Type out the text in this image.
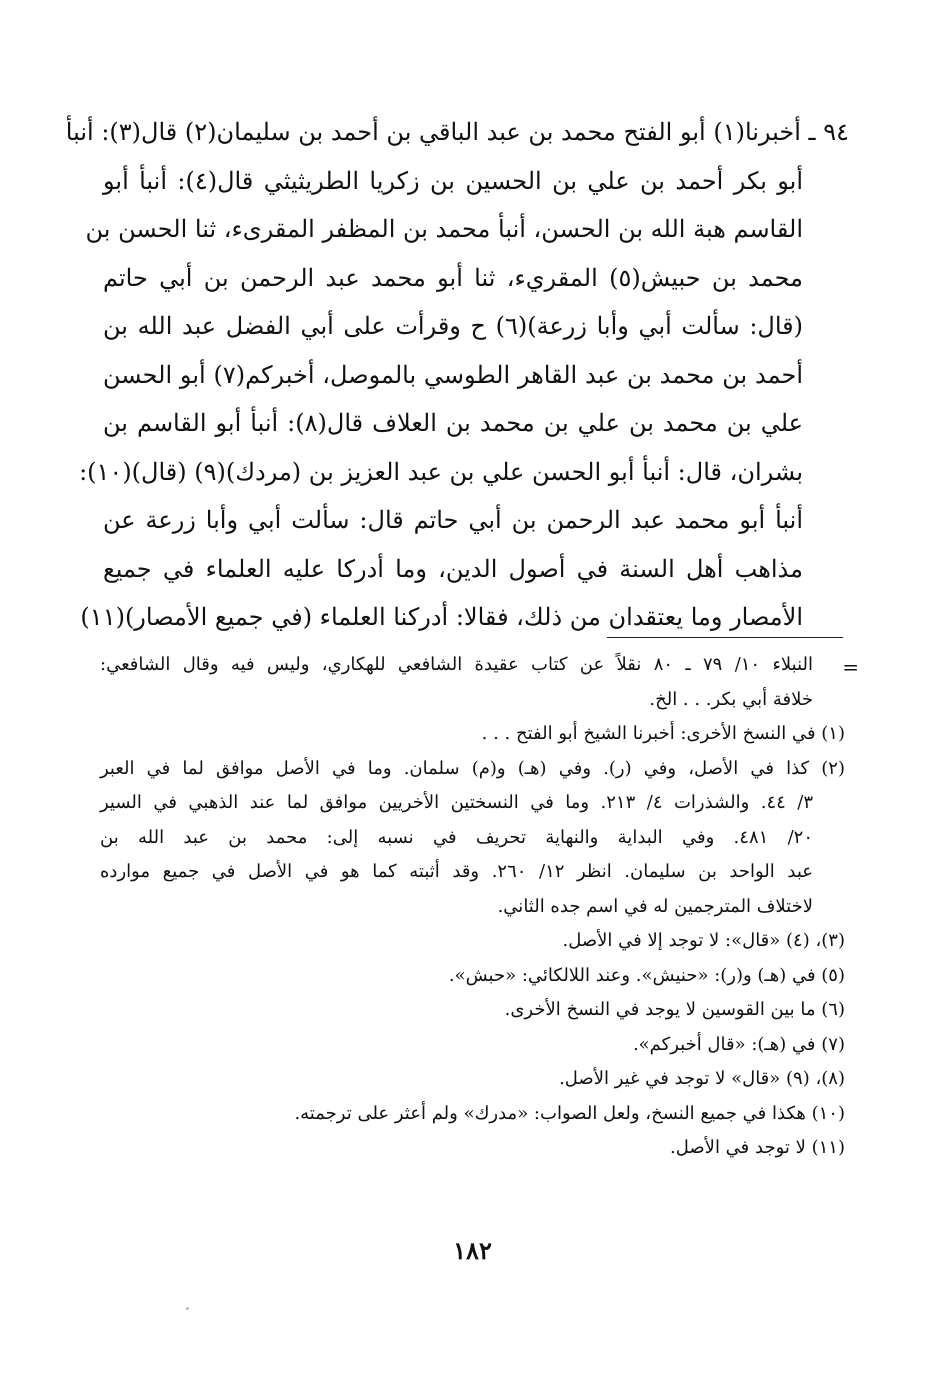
٩٤ ـ أخبرنا(١) أبو الفتح محمد بن عبد الباقي بن أحمد بن سليمان(٢) قال(٣): أنبأ
أبو بكر أحمد بن علي بن الحسين بن زكريا الطريثيثي قال(٤): أنبأ أبو
القاسم هبة الله بن الحسن، أنبأ محمد بن المظفر المقرىء، ثنا الحسن بن
محمد بن حبيش(٥) المقريء، ثنا أبو محمد عبد الرحمن بن أبي حاتم
(قال: سألت أبي وأبا زرعة)(٦) ح وقرأت على أبي الفضل عبد الله بن
أحمد بن محمد بن عبد القاهر الطوسي بالموصل، أخبركم(٧) أبو الحسن
علي بن محمد بن علي بن محمد بن العلاف قال(٨): أنبأ أبو القاسم بن
بشران، قال: أنبأ أبو الحسن علي بن عبد العزيز بن (مردك)(٩) (قال)(١٠):
أنبأ أبو محمد عبد الرحمن بن أبي حاتم قال: سألت أبي وأبا زرعة عن
مذاهب أهل السنة في أصول الدين، وما أدركا عليه العلماء في جميع
الأمصار وما يعتقدان من ذلك، فقالا: أدركنا العلماء (في جميع الأمصار)(١١)
=
النبلاء ١٠/ ٧٩ ـ ٨٠ نقلاً عن كتاب عقيدة الشافعي للهكاري، وليس فيه وقال الشافعي:
خلافة أبي بكر. . . الخ.
(١) في النسخ الأخرى: أخبرنا الشيخ أبو الفتح . . .
(٢) كذا في الأصل، وفي (ر). وفي (هـ) و(م) سلمان. وما في الأصل موافق لما في العبر
٣/ ٤٤. والشذرات ٤/ ٢١٣. وما في النسختين الأخريين موافق لما عند الذهبي في السير
٢٠/ ٤٨١. وفي البداية والنهاية تحريف في نسبه إلى: محمد بن عبد الله بن
عبد الواحد بن سليمان. انظر ١٢/ ٢٦٠. وقد أثبته كما هو في الأصل في جميع موارده
لاختلاف المترجمين له في اسم جده الثاني.
(٣)، (٤) «قال»: لا توجد إلا في الأصل.
(٥) في (هـ) و(ر): «حنيش». وعند اللالكائي: «حبش».
(٦) ما بين القوسين لا يوجد في النسخ الأخرى.
(٧) في (هـ): «قال أخبركم».
(٨)، (٩) «قال» لا توجد في غير الأصل.
(١٠) هكذا في جميع النسخ، ولعل الصواب: «مدرك» ولم أعثر على ترجمته.
(١١) لا توجد في الأصل.
١٨٢
